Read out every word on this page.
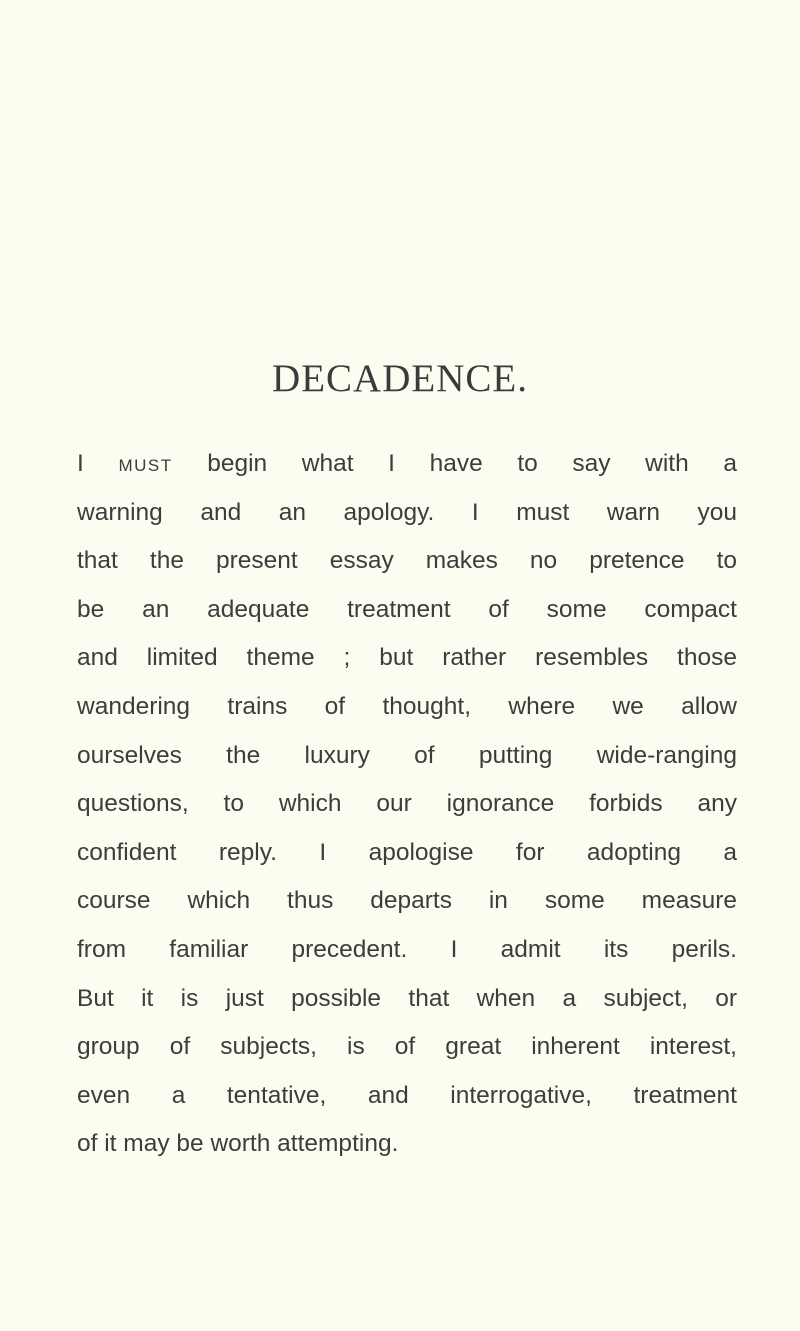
DECADENCE.
I must begin what I have to say with a
warning and an apology. I must warn you
that the present essay makes no pretence to
be an adequate treatment of some compact
and limited theme ; but rather resembles those
wandering trains of thought, where we allow
ourselves the luxury of putting wide-ranging
questions, to which our ignorance forbids any
confident reply. I apologise for adopting a
course which thus departs in some measure
from familiar precedent. I admit its perils.
But it is just possible that when a subject, or
group of subjects, is of great inherent interest,
even a tentative, and interrogative, treatment
of it may be worth attempting.
